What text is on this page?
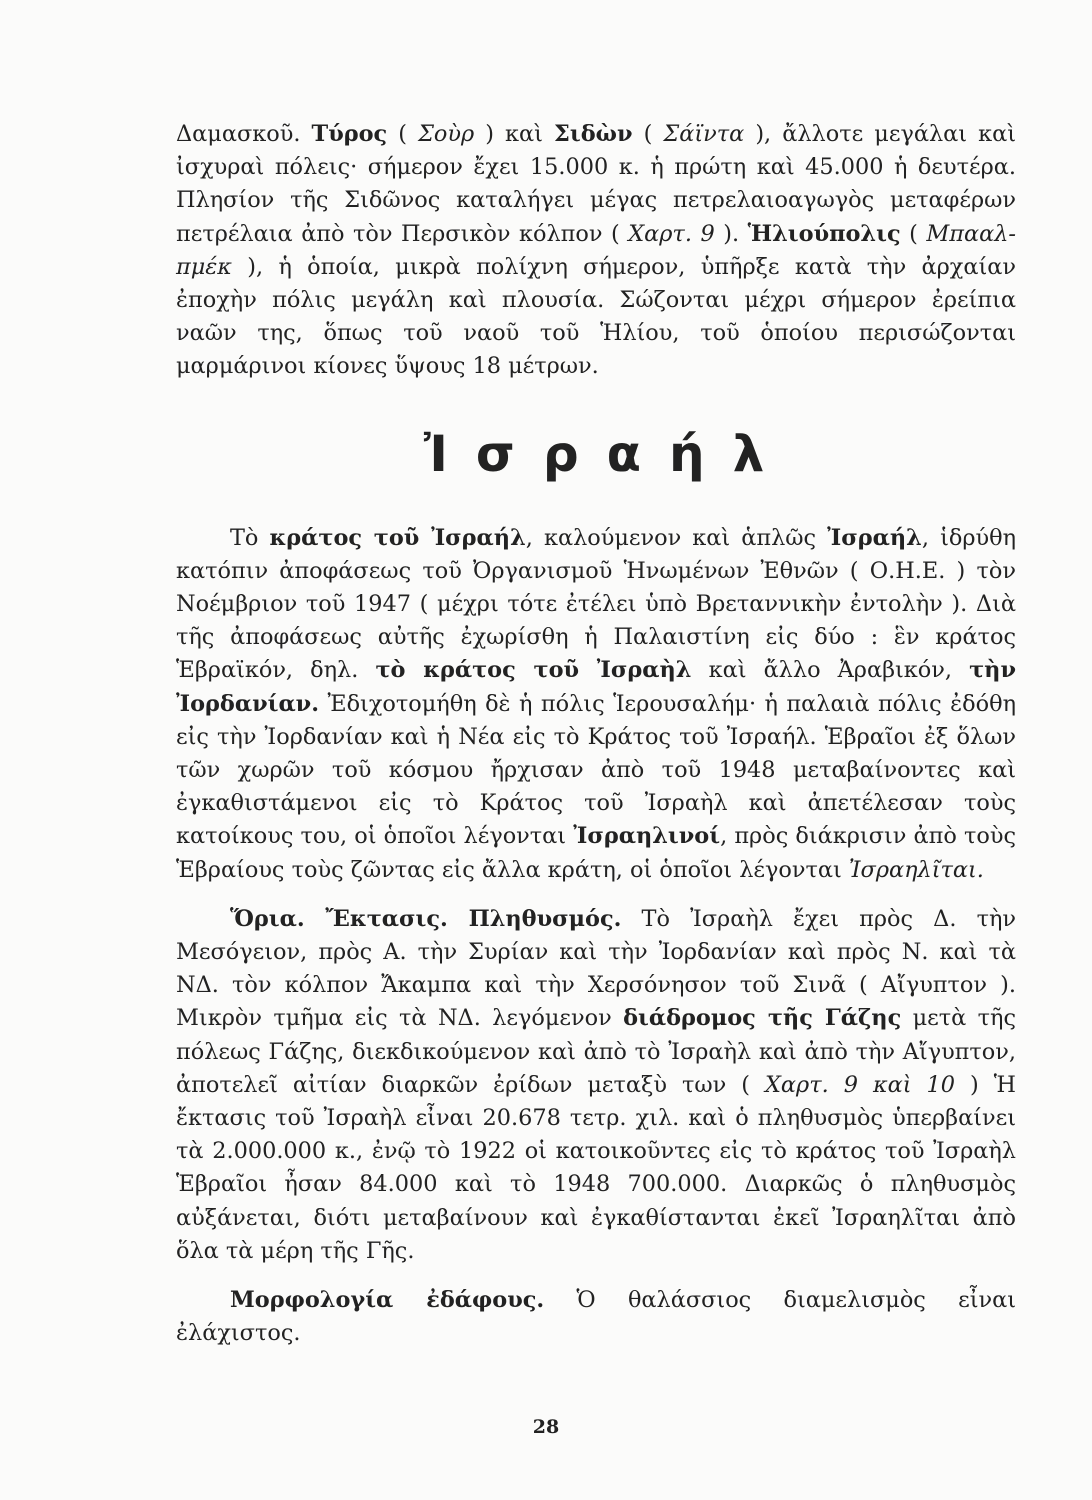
Δαμασκοῦ. Τύρος ( Σοὺρ ) καὶ Σιδὼν ( Σάϊντα ), ἄλλοτε μεγάλαι καὶ ἰσχυραὶ πόλεις· σήμερον ἔχει 15.000 κ. ἡ πρώτη καὶ 45.000 ἡ δευτέρα. Πλησίον τῆς Σιδῶνος καταλήγει μέγας πετρελαιοαγωγὸς μεταφέρων πετρέλαια ἀπὸ τὸν Περσικὸν κόλπον ( Χαρτ. 9 ). Ἡλιούπολις ( Μπααλ-πμέκ ), ἡ ὁποία, μικρὰ πολίχνη σήμερον, ὑπῆρξε κατὰ τὴν ἀρχαίαν ἐποχὴν πόλις μεγάλη καὶ πλουσία. Σώζονται μέχρι σήμερον ἐρείπια ναῶν της, ὅπως τοῦ ναοῦ τοῦ Ἡλίου, τοῦ ὁποίου περισώζονται μαρμάρινοι κίονες ὕψους 18 μέτρων.

Ἰσραήλ

Τὸ κράτος τοῦ Ἰσραήλ, καλούμενον καὶ ἁπλῶς Ἰσραήλ, ἱδρύθη κατόπιν ἀποφάσεως τοῦ Ὀργανισμοῦ Ἡνωμένων Ἐθνῶν ( Ο.Η.Ε. ) τὸν Νοέμβριον τοῦ 1947 ( μέχρι τότε ἐτέλει ὑπὸ Βρεταννικὴν ἐντολὴν ). Διὰ τῆς ἀποφάσεως αὐτῆς ἐχωρίσθη ἡ Παλαιστίνη εἰς δύο : ἓν κράτος Ἑβραϊκόν, δηλ. τὸ κράτος τοῦ Ἰσραὴλ καὶ ἄλλο Ἀραβικόν, τὴν Ἰορδανίαν. Ἐδιχοτομήθη δὲ ἡ πόλις Ἱερουσαλήμ· ἡ παλαιὰ πόλις ἐδόθη εἰς τὴν Ἰορδανίαν καὶ ἡ Νέα εἰς τὸ Κράτος τοῦ Ἰσραήλ. Ἑβραῖοι ἐξ ὅλων τῶν χωρῶν τοῦ κόσμου ἤρχισαν ἀπὸ τοῦ 1948 μεταβαίνοντες καὶ ἐγκαθιστάμενοι εἰς τὸ Κράτος τοῦ Ἰσραὴλ καὶ ἀπετέλεσαν τοὺς κατοίκους του, οἱ ὁποῖοι λέγονται Ἰσραηλινοί, πρὸς διάκρισιν ἀπὸ τοὺς Ἑβραίους τοὺς ζῶντας εἰς ἄλλα κράτη, οἱ ὁποῖοι λέγονται Ἰσραηλῖται.

Ὅρια. Ἔκτασις. Πληθυσμός. Τὸ Ἰσραὴλ ἔχει πρὸς Δ. τὴν Μεσόγειον, πρὸς Α. τὴν Συρίαν καὶ τὴν Ἰορδανίαν καὶ πρὸς Ν. καὶ τὰ ΝΔ. τὸν κόλπον Ἄκαμπα καὶ τὴν Χερσόνησον τοῦ Σινᾶ ( Αἴγυπτον ). Μικρὸν τμῆμα εἰς τὰ ΝΔ. λεγόμενον διάδρομος τῆς Γάζης μετὰ τῆς πόλεως Γάζης, διεκδικούμενον καὶ ἀπὸ τὸ Ἰσραὴλ καὶ ἀπὸ τὴν Αἴγυπτον, ἀποτελεῖ αἰτίαν διαρκῶν ἐρίδων μεταξὺ των ( Χαρτ. 9 καὶ 10 ) Ἡ ἔκτασις τοῦ Ἰσραὴλ εἶναι 20.678 τετρ. χιλ. καὶ ὁ πληθυσμὸς ὑπερβαίνει τὰ 2.000.000 κ., ἐνῷ τὸ 1922 οἱ κατοικοῦντες εἰς τὸ κράτος τοῦ Ἰσραὴλ Ἑβραῖοι ἦσαν 84.000 καὶ τὸ 1948 700.000. Διαρκῶς ὁ πληθυσμὸς αὐξάνεται, διότι μεταβαίνουν καὶ ἐγκαθίστανται ἐκεῖ Ἰσραηλῖται ἀπὸ ὅλα τὰ μέρη τῆς Γῆς.

Μορφολογία ἐδάφους. Ὁ θαλάσσιος διαμελισμὸς εἶναι ἐλάχιστος.

28
